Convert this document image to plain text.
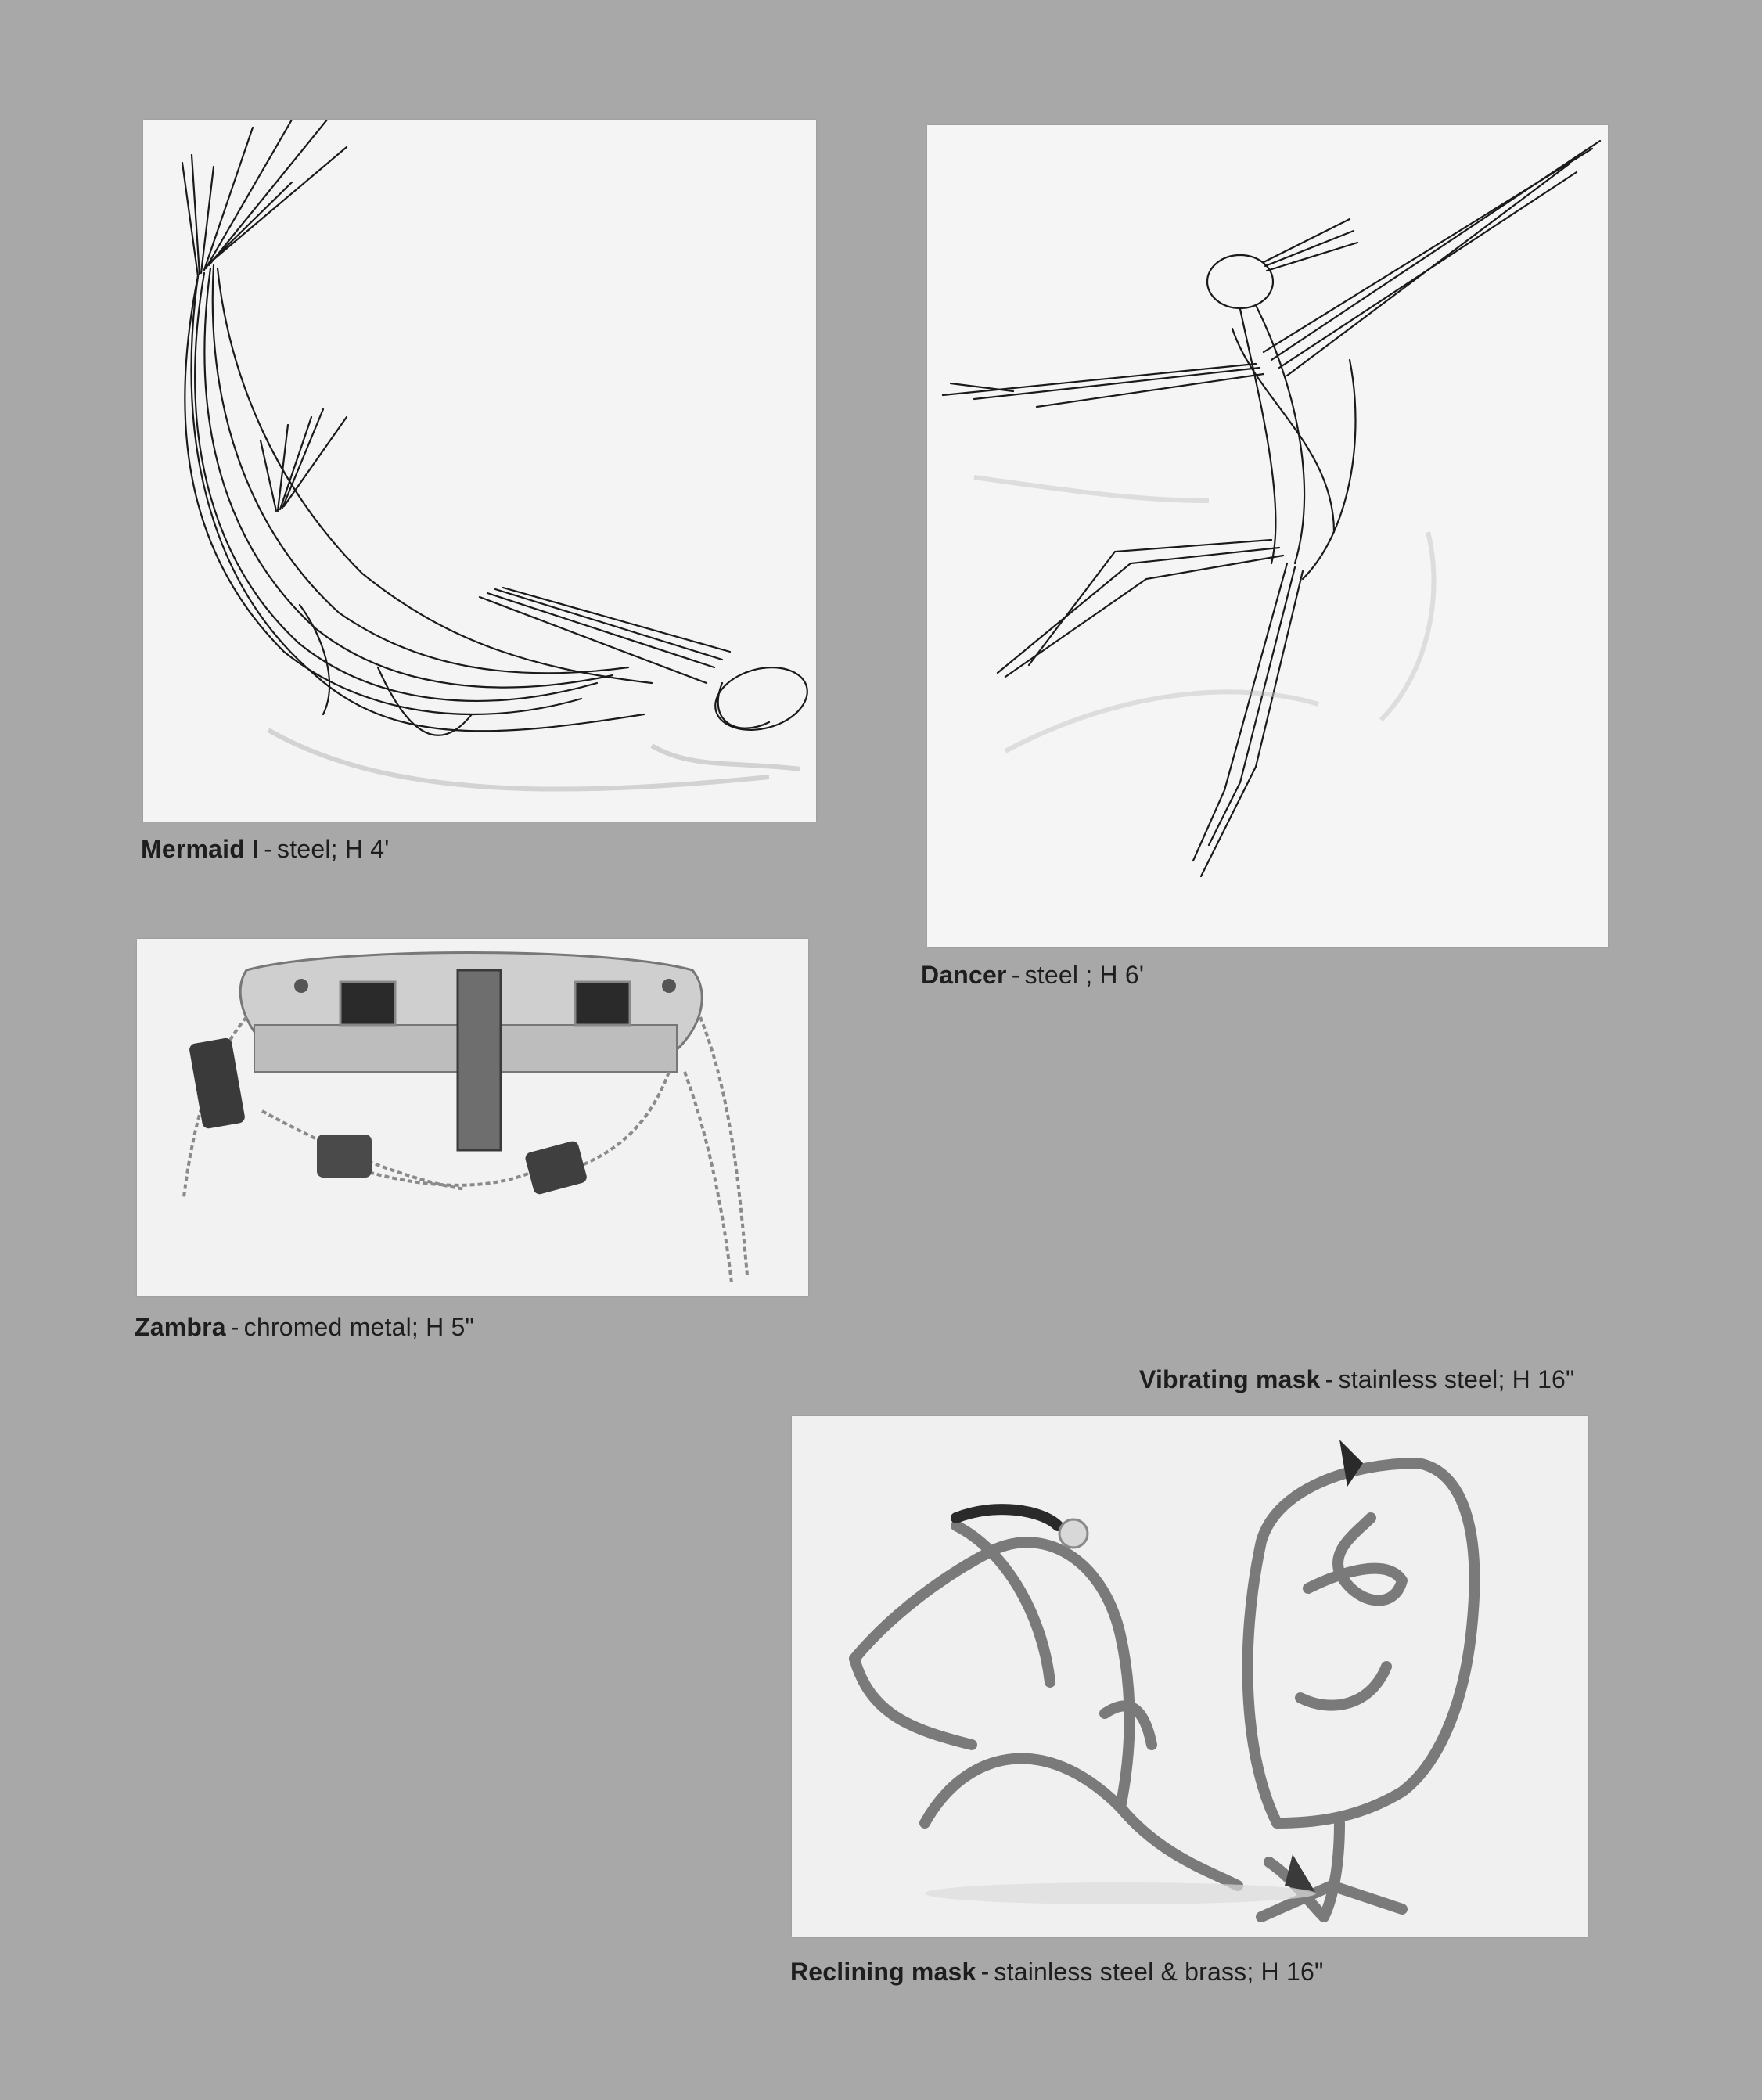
Mermaid I - steel; H 4'
Dancer - steel ; H 6'
Zambra - chromed metal; H 5"
Vibrating mask - stainless steel; H 16"
Reclining mask - stainless steel & brass; H 16"
